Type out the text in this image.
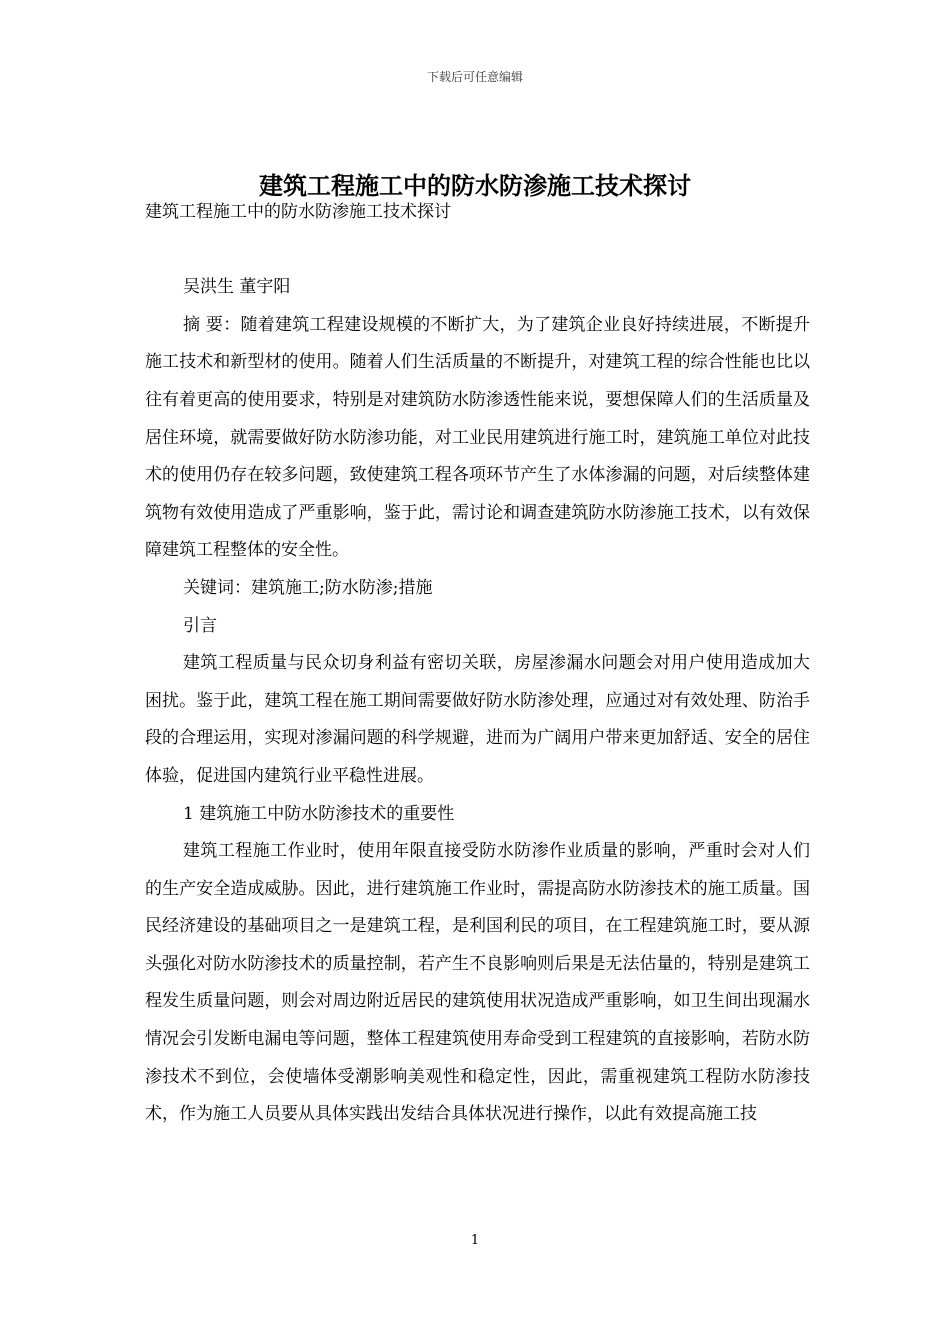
下载后可任意编辑
建筑工程施工中的防水防渗施工技术探讨

建筑工程施工中的防水防渗施工技术探讨

吴洪生 董宇阳

摘 要：随着建筑工程建设规模的不断扩大，为了建筑企业良好持续进展，不断提升施工技术和新型材的使用。随着人们生活质量的不断提升，对建筑工程的综合性能也比以往有着更高的使用要求，特别是对建筑防水防渗透性能来说，要想保障人们的生活质量及居住环境，就需要做好防水防渗功能，对工业民用建筑进行施工时，建筑施工单位对此技术的使用仍存在较多问题，致使建筑工程各项环节产生了水体渗漏的问题，对后续整体建筑物有效使用造成了严重影响，鉴于此，需讨论和调查建筑防水防渗施工技术，以有效保障建筑工程整体的安全性。

关键词：建筑施工;防水防渗;措施

引言

建筑工程质量与民众切身利益有密切关联，房屋渗漏水问题会对用户使用造成加大困扰。鉴于此，建筑工程在施工期间需要做好防水防渗处理，应通过对有效处理、防治手段的合理运用，实现对渗漏问题的科学规避，进而为广阔用户带来更加舒适、安全的居住体验，促进国内建筑行业平稳性进展。

1 建筑施工中防水防渗技术的重要性

建筑工程施工作业时，使用年限直接受防水防渗作业质量的影响，严重时会对人们的生产安全造成威胁。因此，进行建筑施工作业时，需提高防水防渗技术的施工质量。国民经济建设的基础项目之一是建筑工程，是利国利民的项目，在工程建筑施工时，要从源头强化对防水防渗技术的质量控制，若产生不良影响则后果是无法估量的，特别是建筑工程发生质量问题，则会对周边附近居民的建筑使用状况造成严重影响，如卫生间出现漏水情况会引发断电漏电等问题，整体工程建筑使用寿命受到工程建筑的直接影响，若防水防渗技术不到位，会使墙体受潮影响美观性和稳定性，因此，需重视建筑工程防水防渗技术，作为施工人员要从具体实践出发结合具体状况进行操作，以此有效提高施工技

1
